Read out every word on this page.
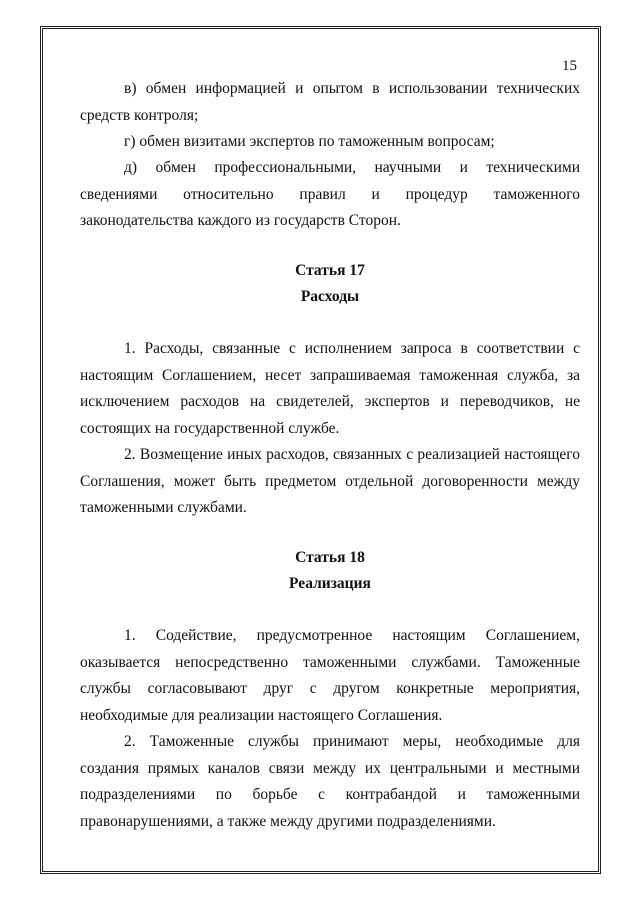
15

в) обмен информацией и опытом в использовании технических средств контроля;

г) обмен визитами экспертов по таможенным вопросам;

д) обмен профессиональными, научными и техническими сведениями относительно правил и процедур таможенного законодательства каждого из государств Сторон.

Статья 17
Расходы

1. Расходы, связанные с исполнением запроса в соответствии с настоящим Соглашением, несет запрашиваемая таможенная служба, за исключением расходов на свидетелей, экспертов и переводчиков, не состоящих на государственной службе.

2. Возмещение иных расходов, связанных с реализацией настоящего Соглашения, может быть предметом отдельной договоренности между таможенными службами.

Статья 18
Реализация

1. Содействие, предусмотренное настоящим Соглашением, оказывается непосредственно таможенными службами. Таможенные службы согласовывают друг с другом конкретные мероприятия, необходимые для реализации настоящего Соглашения.

2. Таможенные службы принимают меры, необходимые для создания прямых каналов связи между их центральными и местными подразделениями по борьбе с контрабандой и таможенными правонарушениями, а также между другими подразделениями.
